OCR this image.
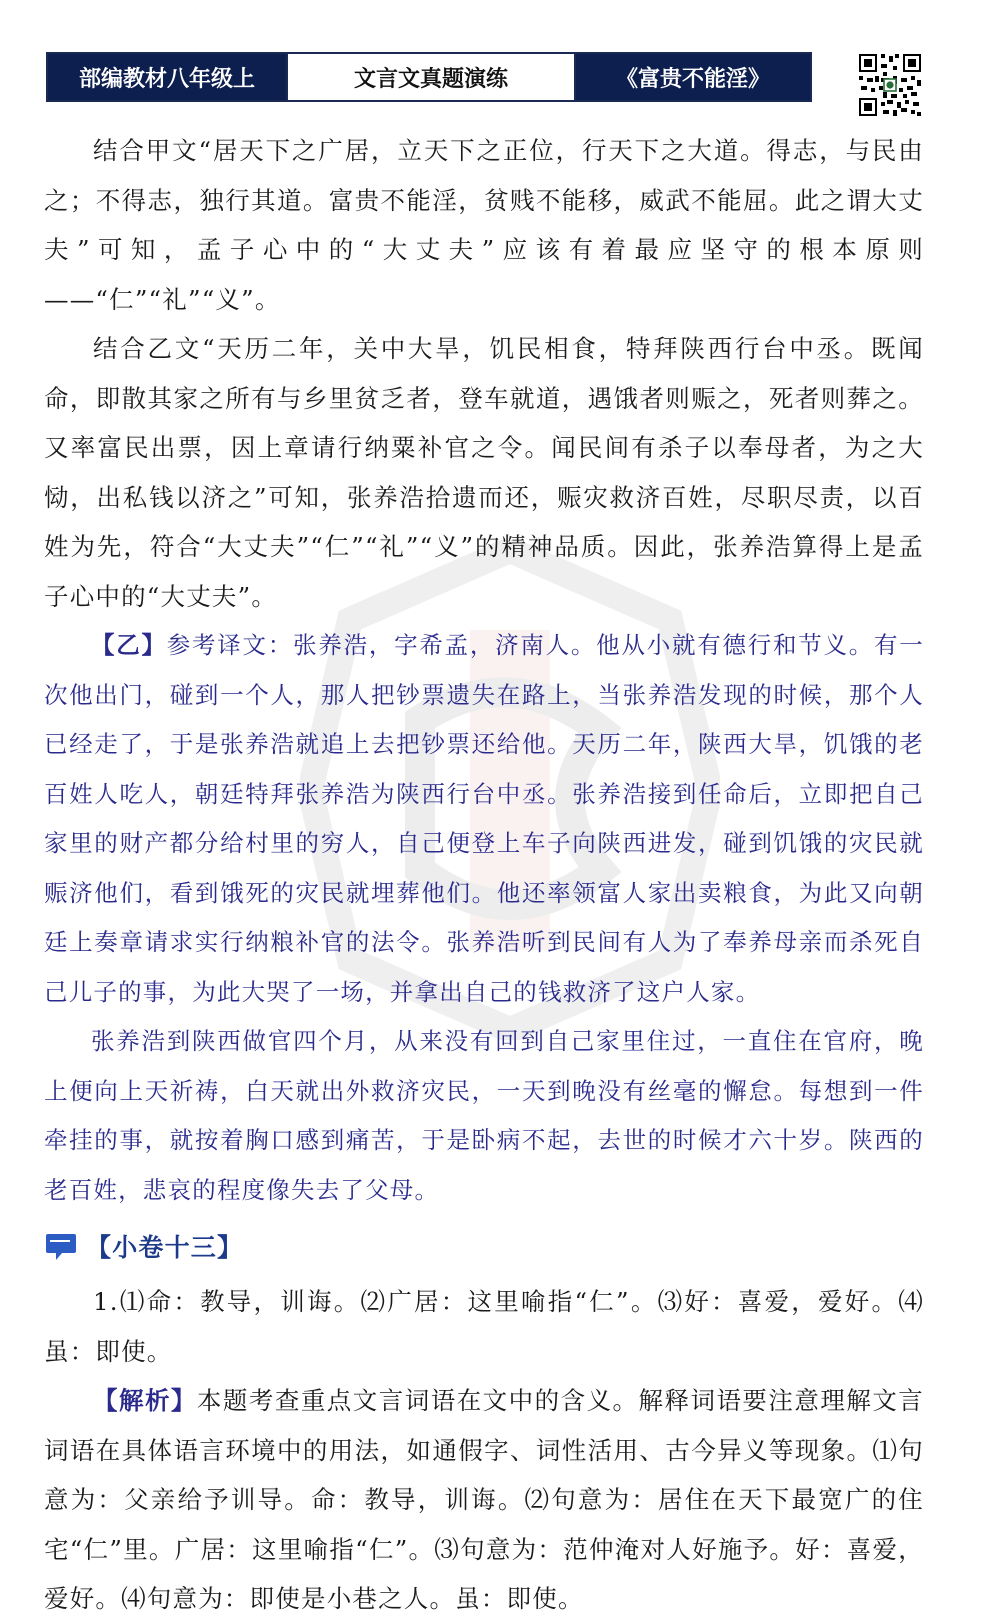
部编教材八年级上	文言文真题演练	《富贵不能淫》

结合甲文“居天下之广居，立天下之正位，行天下之大道。得志，与民由之；不得志，独行其道。富贵不能淫，贫贱不能移，威武不能屈。此之谓大丈夫”可知，孟子心中的“大丈夫”应该有着最应坚守的根本原则——“仁”“礼”“义”。

结合乙文“天历二年，关中大旱，饥民相食，特拜陕西行台中丞。既闻命，即散其家之所有与乡里贫乏者，登车就道，遇饿者则赈之，死者则葬之。又率富民出票，因上章请行纳粟补官之令。闻民间有杀子以奉母者，为之大恸，出私钱以济之”可知，张养浩拾遗而还，赈灾救济百姓，尽职尽责，以百姓为先，符合“大丈夫”“仁”“礼”“义”的精神品质。因此，张养浩算得上是孟子心中的“大丈夫”。

【乙】参考译文：张养浩，字希孟，济南人。他从小就有德行和节义。有一次他出门，碰到一个人，那人把钞票遗失在路上，当张养浩发现的时候，那个人已经走了，于是张养浩就追上去把钞票还给他。天历二年，陕西大旱，饥饿的老百姓人吃人，朝廷特拜张养浩为陕西行台中丞。张养浩接到任命后，立即把自己家里的财产都分给村里的穷人，自己便登上车子向陕西进发，碰到饥饿的灾民就赈济他们，看到饿死的灾民就埋葬他们。他还率领富人家出卖粮食，为此又向朝廷上奏章请求实行纳粮补官的法令。张养浩听到民间有人为了奉养母亲而杀死自己儿子的事，为此大哭了一场，并拿出自己的钱救济了这户人家。

张养浩到陕西做官四个月，从来没有回到自己家里住过，一直住在官府，晚上便向上天祈祷，白天就出外救济灾民，一天到晚没有丝毫的懈怠。每想到一件牵挂的事，就按着胸口感到痛苦，于是卧病不起，去世的时候才六十岁。陕西的老百姓，悲哀的程度像失去了父母。

【小卷十三】

1.⑴命：教导，训诲。⑵广居：这里喻指“仁”。⑶好：喜爱，爱好。⑷虽：即使。

【解析】本题考查重点文言词语在文中的含义。解释词语要注意理解文言词语在具体语言环境中的用法，如通假字、词性活用、古今异义等现象。⑴句意为：父亲给予训导。命：教导，训诲。⑵句意为：居住在天下最宽广的住宅“仁”里。广居：这里喻指“仁”。⑶句意为：范仲淹对人好施予。好：喜爱，爱好。⑷句意为：即使是小巷之人。虽：即使。
